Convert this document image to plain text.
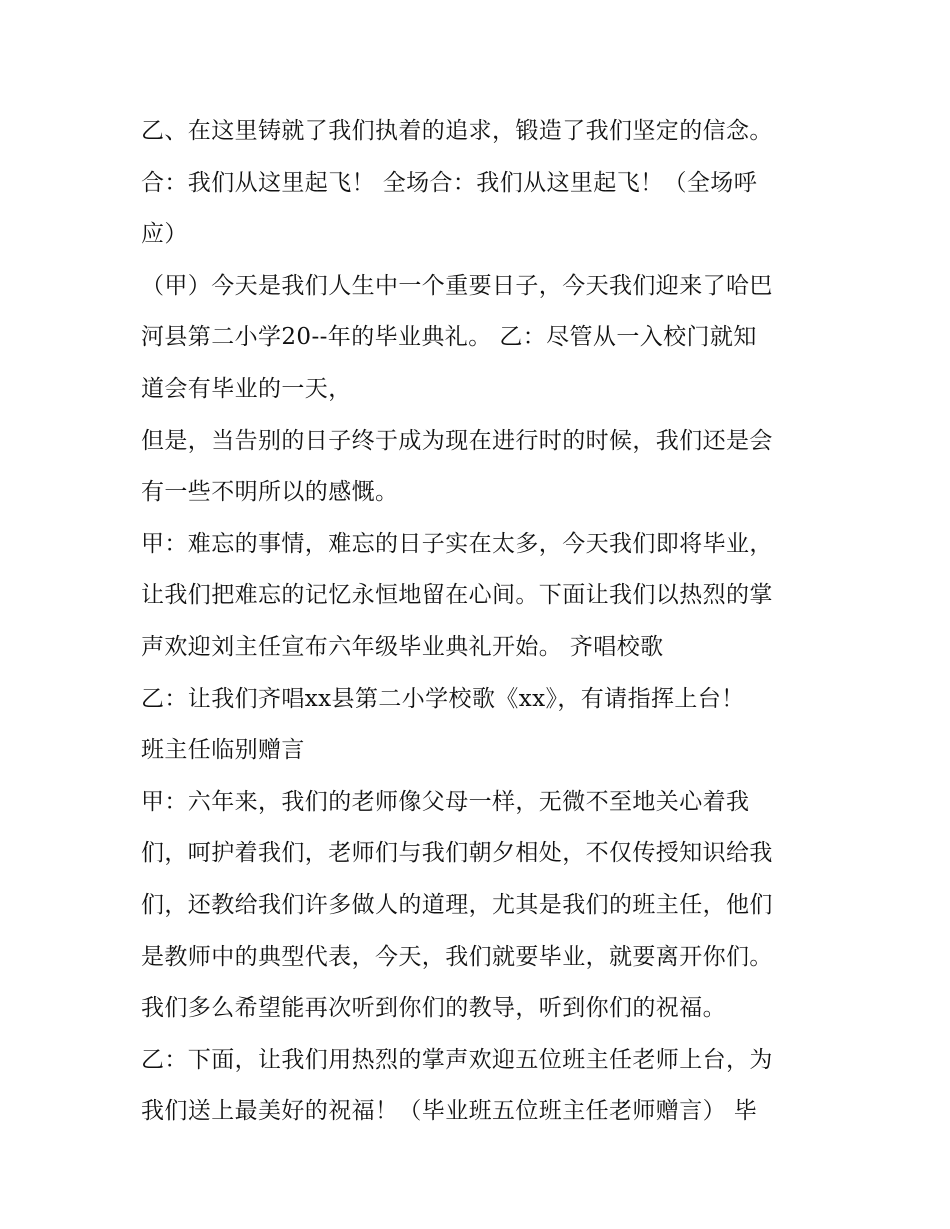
乙、在这里铸就了我们执着的追求，锻造了我们坚定的信念。
合：我们从这里起飞！ 全场合：我们从这里起飞！（全场呼
应）
（甲）今天是我们人生中一个重要日子，今天我们迎来了哈巴
河县第二小学20--年的毕业典礼。 乙：尽管从一入校门就知
道会有毕业的一天，
但是，当告别的日子终于成为现在进行时的时候，我们还是会
有一些不明所以的感慨。
甲：难忘的事情，难忘的日子实在太多，今天我们即将毕业，
让我们把难忘的记忆永恒地留在心间。下面让我们以热烈的掌
声欢迎刘主任宣布六年级毕业典礼开始。 齐唱校歌
乙：让我们齐唱xx县第二小学校歌《xx》，有请指挥上台！
班主任临别赠言
甲：六年来，我们的老师像父母一样，无微不至地关心着我
们，呵护着我们，老师们与我们朝夕相处，不仅传授知识给我
们，还教给我们许多做人的道理，尤其是我们的班主任，他们
是教师中的典型代表，今天，我们就要毕业，就要离开你们。
我们多么希望能再次听到你们的教导，听到你们的祝福。
乙：下面，让我们用热烈的掌声欢迎五位班主任老师上台，为
我们送上最美好的祝福！（毕业班五位班主任老师赠言） 毕
